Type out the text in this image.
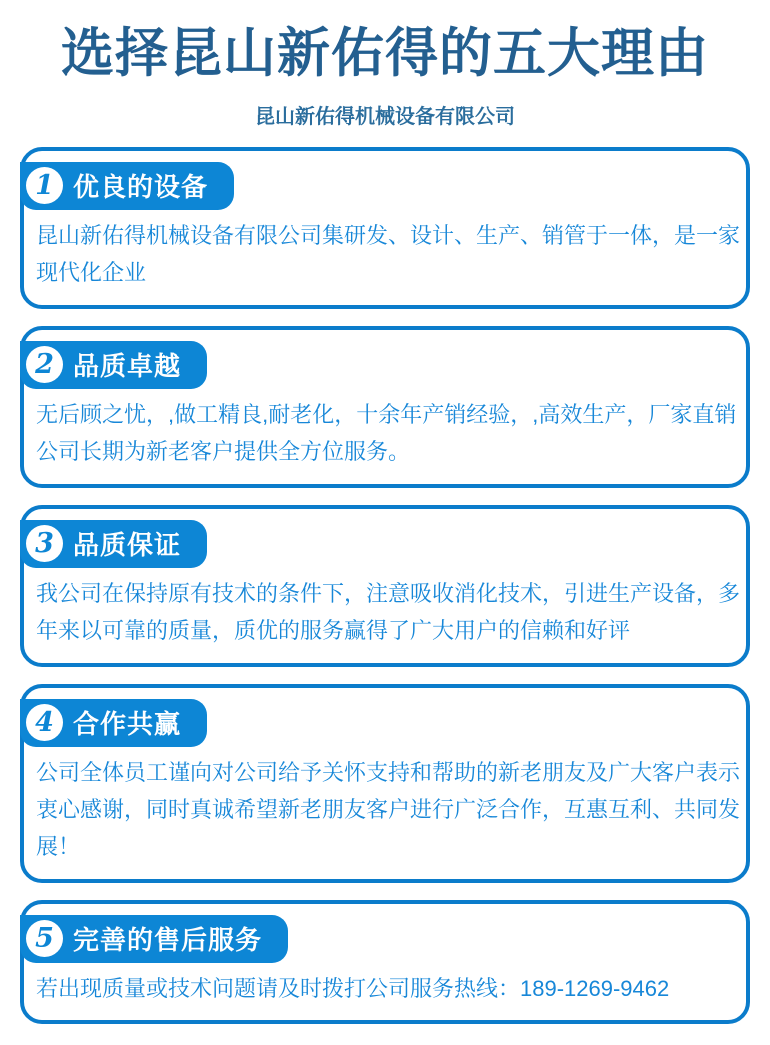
选择昆山新佑得的五大理由
昆山新佑得机械设备有限公司
1 优良的设备

昆山新佑得机械设备有限公司集研发、设计、生产、销管于一体，是一家现代化企业

2 品质卓越

无后顾之忧，,做工精良,耐老化，十余年产销经验，,高效生产，厂家直销公司长期为新老客户提供全方位服务。

3 品质保证

我公司在保持原有技术的条件下，注意吸收消化技术，引进生产设备，多年来以可靠的质量，质优的服务赢得了广大用户的信赖和好评

4 合作共赢

公司全体员工谨向对公司给予关怀支持和帮助的新老朋友及广大客户表示衷心感谢，同时真诚希望新老朋友客户进行广泛合作，互惠互利、共同发展！

5 完善的售后服务

若出现质量或技术问题请及时拨打公司服务热线：189-1269-9462
